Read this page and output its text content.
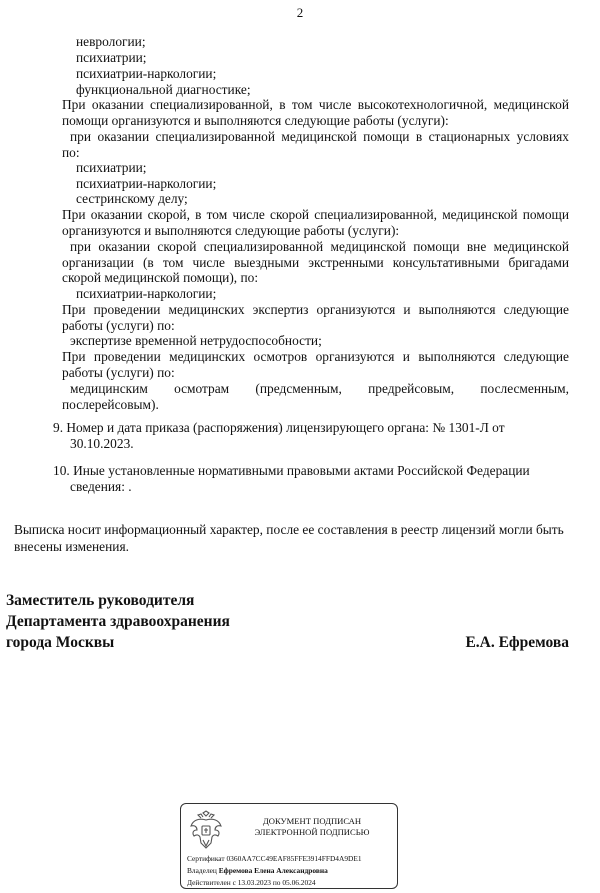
2
неврологии;
психиатрии;
психиатрии-наркологии;
функциональной диагностике;
При оказании специализированной, в том числе высокотехнологичной, медицинской
помощи организуются и выполняются следующие работы (услуги):
при оказании специализированной медицинской помощи в стационарных условиях
по:
психиатрии;
психиатрии-наркологии;
сестринскому делу;
При оказании скорой, в том числе скорой специализированной, медицинской помощи
организуются и выполняются следующие работы (услуги):
при оказании скорой специализированной медицинской помощи вне медицинской
организации (в том числе выездными экстренными консультативными бригадами
скорой медицинской помощи), по:
психиатрии-наркологии;
При проведении медицинских экспертиз организуются и выполняются следующие
работы (услуги) по:
экспертизе временной нетрудоспособности;
При проведении медицинских осмотров организуются и выполняются следующие
работы (услуги) по:
медицинским осмотрам (предсменным, предрейсовым, послесменным,
послерейсовым).
9. Номер и дата приказа (распоряжения) лицензирующего органа: № 1301-Л от
30.10.2023.
10. Иные установленные нормативными правовыми актами Российской Федерации
сведения: .
Выписка носит информационный характер, после ее составления в реестр лицензий могли быть
внесены изменения.
Заместитель руководителя
Департамента здравоохранения
города Москвы	Е.А. Ефремова
ДОКУМЕНТ ПОДПИСАН
ЭЛЕКТРОННОЙ ПОДПИСЬЮ
Сертификат 0360AA7CC49EAF85FFE3914FFD4A9DE1
Владелец Ефремова Елена Александровна
Действителен с 13.03.2023 по 05.06.2024
